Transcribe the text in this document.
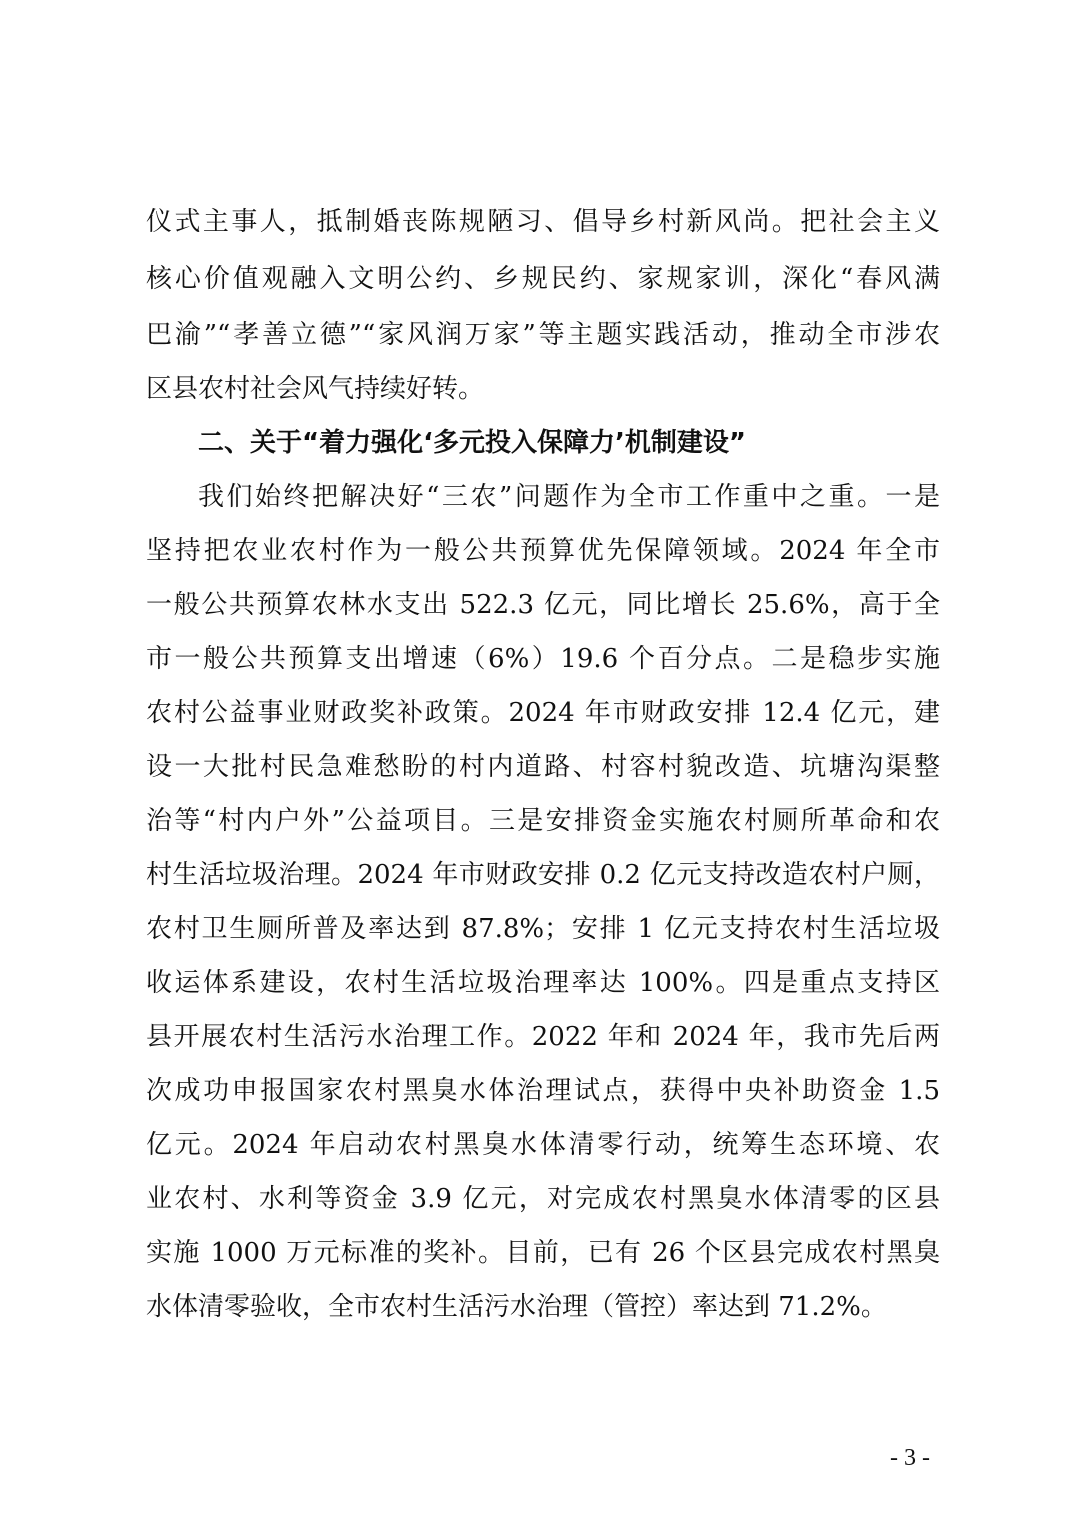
仪式主事人，抵制婚丧陈规陋习、倡导乡村新风尚。把社会主义
核心价值观融入文明公约、乡规民约、家规家训，深化“春风满
巴渝”“孝善立德”“家风润万家”等主题实践活动，推动全市涉农
区县农村社会风气持续好转。
二、关于“着力强化‘多元投入保障力’机制建设”
我们始终把解决好“三农”问题作为全市工作重中之重。一是
坚持把农业农村作为一般公共预算优先保障领域。2024 年全市
一般公共预算农林水支出 522.3 亿元，同比增长 25.6%，高于全
市一般公共预算支出增速（6%）19.6 个百分点。二是稳步实施
农村公益事业财政奖补政策。2024 年市财政安排 12.4 亿元，建
设一大批村民急难愁盼的村内道路、村容村貌改造、坑塘沟渠整
治等“村内户外”公益项目。三是安排资金实施农村厕所革命和农
村生活垃圾治理。2024 年市财政安排 0.2 亿元支持改造农村户厕，
农村卫生厕所普及率达到 87.8%；安排 1 亿元支持农村生活垃圾
收运体系建设，农村生活垃圾治理率达 100%。四是重点支持区
县开展农村生活污水治理工作。2022 年和 2024 年，我市先后两
次成功申报国家农村黑臭水体治理试点，获得中央补助资金 1.5
亿元。2024 年启动农村黑臭水体清零行动，统筹生态环境、农
业农村、水利等资金 3.9 亿元，对完成农村黑臭水体清零的区县
实施 1000 万元标准的奖补。目前，已有 26 个区县完成农村黑臭
水体清零验收，全市农村生活污水治理（管控）率达到 71.2%。
- 3 -
